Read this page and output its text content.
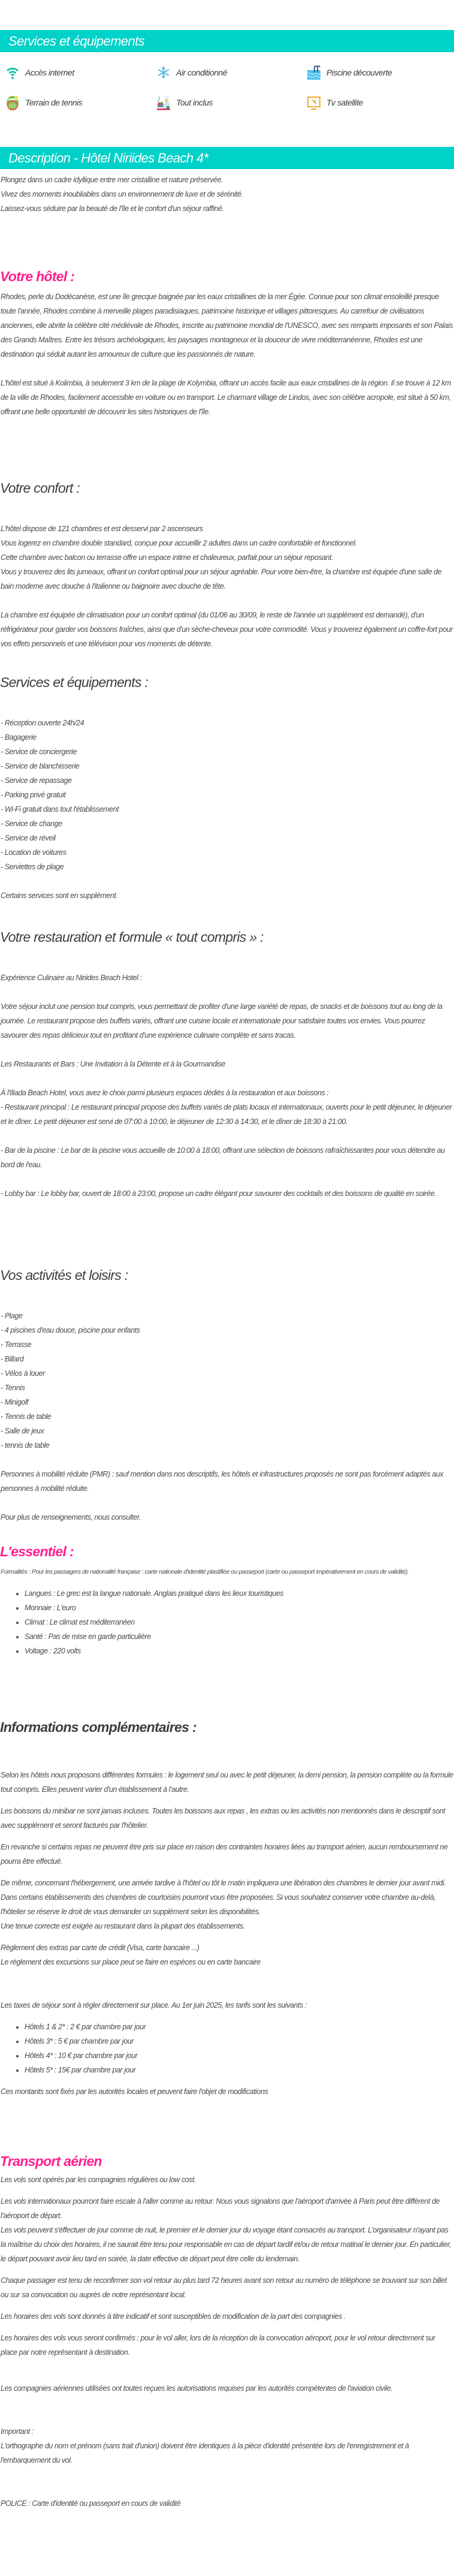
Services et équipements
Accès internet	Air conditionné	Piscine découverte
Terrain de tennis	Tout inclus	Tv satellite
Description - Hôtel Niriides Beach 4*

Plongez dans un cadre idyllique entre mer cristalline et nature préservée.

Vivez des moments inoubliables dans un environnement de luxe et de sérénité.

Laissez-vous séduire par la beauté de l'île et le confort d'un séjour raffiné.

Votre hôtel :

Rhodes, perle du Dodécanèse, est une île grecque baignée par les eaux cristallines de la mer Égée. Connue pour son climat ensoleillé presque toute l'année, Rhodes combine à merveille plages paradisiaques, patrimoine historique et villages pittoresques. Au carrefour de civilisations anciennes, elle abrite la célèbre cité médiévale de Rhodes, inscrite au patrimoine mondial de l'UNESCO, avec ses remparts imposants et son Palais des Grands Maîtres. Entre les trésors archéologiques, les paysages montagneux et la douceur de vivre méditerranéenne, Rhodes est une destination qui séduit autant les amoureux de culture que les passionnés de nature.

L'hôtel est situé à Kolimbia, à seulement 3 km de la plage de Kolymbia, offrant un accès facile aux eaux cristallines de la région. Il se trouve à 12 km de la ville de Rhodes, facilement accessible en voiture ou en transport. Le charmant village de Lindos, avec son célèbre acropole, est situé à 50 km, offrant une belle opportunité de découvrir les sites historiques de l'île.

Votre confort :

L'hôtel dispose de 121 chambres et est desservi par 2 ascenseurs

Vous logerez en chambre double standard, conçue pour accueillir 2 adultes dans un cadre confortable et fonctionnel.

Cette chambre avec balcon ou terrasse offre un espace intime et chaleureux, parfait pour un séjour reposant.

Vous y trouverez des lits jumeaux, offrant un confort optimal pour un séjour agréable. Pour votre bien-être, la chambre est équipée d'une salle de bain moderne avec douche à l'italienne ou baignoire avec douche de tête.

La chambre est équipée de climatisation pour un confort optimal (du 01/06 au 30/09, le reste de l'année un supplément est demandé), d'un réfrigérateur pour garder vos boissons fraîches, ainsi que d'un sèche-cheveux pour votre commodité. Vous y trouverez également un coffre-fort pour vos effets personnels et une télévision pour vos moments de détente.

Services et équipements :

- Réception ouverte 24h/24

- Bagagerie

- Service de conciergerie

- Service de blanchisserie

- Service de repassage

- Parking privé gratuit

- Wi-Fi gratuit dans tout l'établissement

- Service de change

- Service de réveil

- Location de voitures

- Serviettes de plage

Certains services sont en supplément.

Votre restauration et formule « tout compris » :

Expérience Culinaire au Niriides Beach Hotel :

Votre séjour inclut une pension tout compris, vous permettant de profiter d'une large variété de repas, de snacks et de boissons tout au long de la journée. Le restaurant propose des buffets variés, offrant une cuisine locale et internationale pour satisfaire toutes vos envies. Vous pourrez savourer des repas délicieux tout en profitant d'une expérience culinaire complète et sans tracas.

Les Restaurants et Bars : Une Invitation à la Détente et à la Gourmandise

À l'Iliada Beach Hotel, vous avez le choix parmi plusieurs espaces dédiés à la restauration et aux boissons :

- Restaurant principal : Le restaurant principal propose des buffets variés de plats locaux et internationaux, ouverts pour le petit déjeuner, le déjeuner et le dîner. Le petit déjeuner est servi de 07:00 à 10:00, le déjeuner de 12:30 à 14:30, et le dîner de 18:30 à 21:00.

- Bar de la piscine : Le bar de la piscine vous accueille de 10:00 à 18:00, offrant une sélection de boissons rafraîchissantes pour vous détendre au bord de l'eau.

- Lobby bar : Le lobby bar, ouvert de 18:00 à 23:00, propose un cadre élégant pour savourer des cocktails et des boissons de qualité en soirée.

Vos activités et loisirs :

- Plage

- 4 piscines d'eau douce, piscine pour enfants

- Terrasse

- Billard

- Vélos à louer

- Tennis

- Minigolf

- Tennis de table

- Salle de jeux

- tennis de table

Personnes à mobilité réduite (PMR) : sauf mention dans nos descriptifs, les hôtels et infrastructures proposés ne sont pas forcément adaptés aux personnes à mobilité réduite.

Pour plus de renseignements, nous consulter.

L'essentiel :

Formalités : Pour les passagers de nationalité française : carte nationale d'identité plastifiée ou passeport (carte ou passeport impérativement en cours de validité).

• Langues : Le grec est la langue nationale. Anglais pratiqué dans les lieux touristiques
• Monnaie : L'euro
• Climat : Le climat est méditerranéen
• Santé : Pas de mise en garde particulière
• Voltage : 220 volts
Informations complémentaires :

Selon les hôtels nous proposons différentes formules : le logement seul ou avec le petit déjeuner, la demi pension, la pension complète ou la formule tout compris. Elles peuvent varier d'un établissement à l'autre.

Les boissons du minibar ne sont jamais incluses. Toutes les boissons aux repas , les extras ou les activités non mentionnés dans le descriptif sont avec supplément et seront facturés par l'hôtelier.

En revanche si certains repas ne peuvent être pris sur place en raison des contraintes horaires liées au transport aérien, aucun remboursement ne pourra être effectué.

De même, concernant l'hébergement, une arrivée tardive à l'hôtel ou tôt le matin impliquera une libération des chambres le dernier jour avant midi. Dans certains établissements des chambres de courtoisies pourront vous être proposées. Si vous souhaitez conserver votre chambre au-delà, l'hôtelier se réserve le droit de vous demander un supplément selon les disponibilités.

Une tenue correcte est exigée au restaurant dans la plupart des établissements.

Règlement des extras par carte de crédit (Visa, carte bancaire ...)

Le règlement des excursions sur place peut se faire en espèces ou en carte bancaire

Les taxes de séjour sont à régler directement sur place. Au 1er juin 2025, les tarifs sont les suivants :

• Hôtels 1 & 2* : 2 € par chambre par jour
• Hôtels 3* : 5 € par chambre par jour
• Hôtels 4* : 10 € par chambre par jour
• Hôtels 5* : 15€ par chambre par jour

Ces montants sont fixés par les autorités locales et peuvent faire l'objet de modifications

Transport aérien

Les vols sont opérés par les compagnies régulières ou low cost.

Les vols internationaux pourront faire escale à l'aller comme au retour. Nous vous signalons que l'aéroport d'arrivée à Paris peut être différent de l'aéroport de départ.

Les vols peuvent s'éffectuer de jour comme de nuit, le premier et le dernier jour du voyage étant consacrés au transport. L'organisateur n'ayant pas la maîtrise du choix des horaires, il ne saurait être tenu pour responsable en cas de départ tardif et/ou de retour matinal le dernier jour. En particulier, le départ pouvant avoir lieu tard en soirée, la date effective de départ peut être celle du lendemain.

Chaque passager est tenu de reconfirmer son vol retour au plus tard 72 heures avant son retour au numéro de téléphone se trouvant sur son billet ou sur sa convocation ou auprès de notre représentant local.

Les horaires des vols sont donnés à titre indicatif et sont susceptibles de modification de la part des compagnies .

Les horaires des vols vous seront confirmés : pour le vol aller, lors de la réception de la convocation aéroport, pour le vol retour directement sur place par notre représentant à destination.

Les compagnies aériennes utilisées ont toutes reçues les autorisations requises par les autorités compétentes de l'aviation civile.

Important :

L'orthographe du nom et prénom (sans trait d'union) doivent être identiques à la pièce d'identité présentée lors de l'enregistrement et à l'embarquement du vol.

POLICE : Carte d'identité ou passeport en cours de validité
